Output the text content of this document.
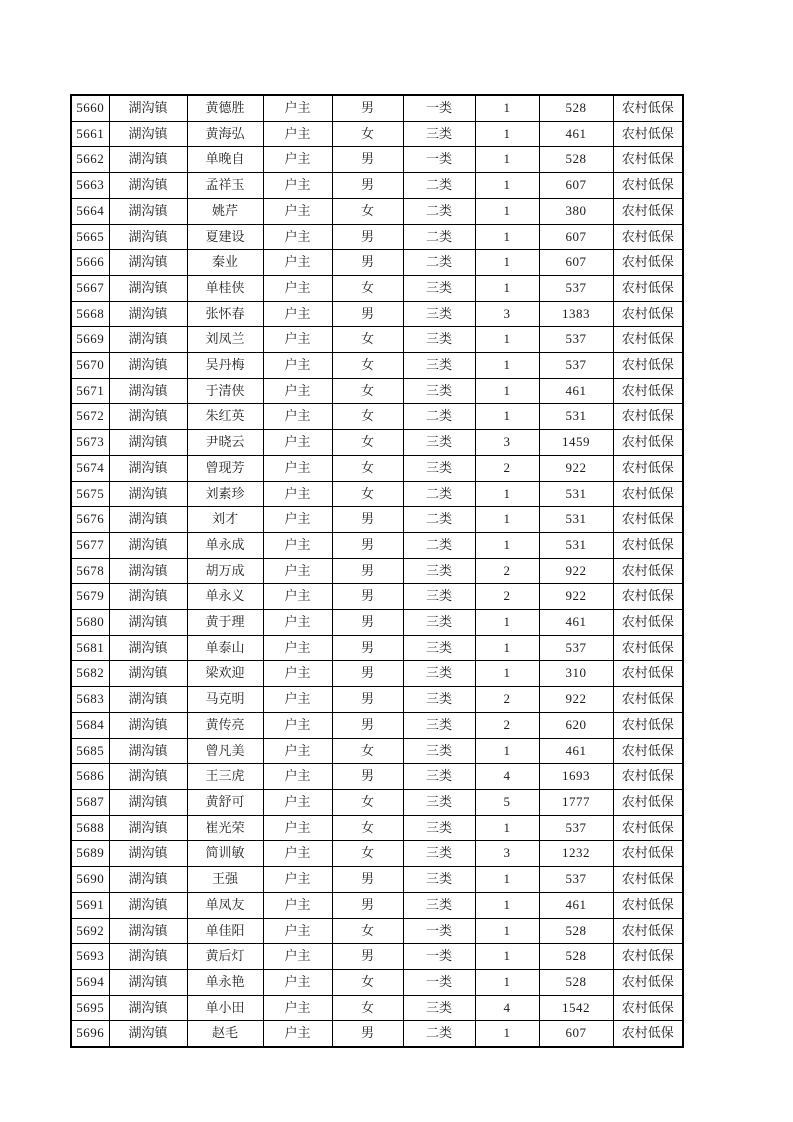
5660	湖沟镇	黄德胜	户主	男	一类	1	528	农村低保
5661	湖沟镇	黄海弘	户主	女	三类	1	461	农村低保
5662	湖沟镇	单晚自	户主	男	一类	1	528	农村低保
5663	湖沟镇	孟祥玉	户主	男	二类	1	607	农村低保
5664	湖沟镇	姚芹	户主	女	二类	1	380	农村低保
5665	湖沟镇	夏建设	户主	男	二类	1	607	农村低保
5666	湖沟镇	秦业	户主	男	二类	1	607	农村低保
5667	湖沟镇	单桂侠	户主	女	三类	1	537	农村低保
5668	湖沟镇	张怀春	户主	男	三类	3	1383	农村低保
5669	湖沟镇	刘凤兰	户主	女	三类	1	537	农村低保
5670	湖沟镇	吴丹梅	户主	女	三类	1	537	农村低保
5671	湖沟镇	于清侠	户主	女	三类	1	461	农村低保
5672	湖沟镇	朱红英	户主	女	二类	1	531	农村低保
5673	湖沟镇	尹晓云	户主	女	三类	3	1459	农村低保
5674	湖沟镇	曾现芳	户主	女	三类	2	922	农村低保
5675	湖沟镇	刘素珍	户主	女	二类	1	531	农村低保
5676	湖沟镇	刘才	户主	男	二类	1	531	农村低保
5677	湖沟镇	单永成	户主	男	二类	1	531	农村低保
5678	湖沟镇	胡万成	户主	男	三类	2	922	农村低保
5679	湖沟镇	单永义	户主	男	三类	2	922	农村低保
5680	湖沟镇	黄于理	户主	男	三类	1	461	农村低保
5681	湖沟镇	单泰山	户主	男	三类	1	537	农村低保
5682	湖沟镇	梁欢迎	户主	男	三类	1	310	农村低保
5683	湖沟镇	马克明	户主	男	三类	2	922	农村低保
5684	湖沟镇	黄传亮	户主	男	三类	2	620	农村低保
5685	湖沟镇	曾凡美	户主	女	三类	1	461	农村低保
5686	湖沟镇	王三虎	户主	男	三类	4	1693	农村低保
5687	湖沟镇	黄舒可	户主	女	三类	5	1777	农村低保
5688	湖沟镇	崔光荣	户主	女	三类	1	537	农村低保
5689	湖沟镇	简训敏	户主	女	三类	3	1232	农村低保
5690	湖沟镇	王强	户主	男	三类	1	537	农村低保
5691	湖沟镇	单凤友	户主	男	三类	1	461	农村低保
5692	湖沟镇	单佳阳	户主	女	一类	1	528	农村低保
5693	湖沟镇	黄后灯	户主	男	一类	1	528	农村低保
5694	湖沟镇	单永艳	户主	女	一类	1	528	农村低保
5695	湖沟镇	单小田	户主	女	三类	4	1542	农村低保
5696	湖沟镇	赵毛	户主	男	二类	1	607	农村低保
